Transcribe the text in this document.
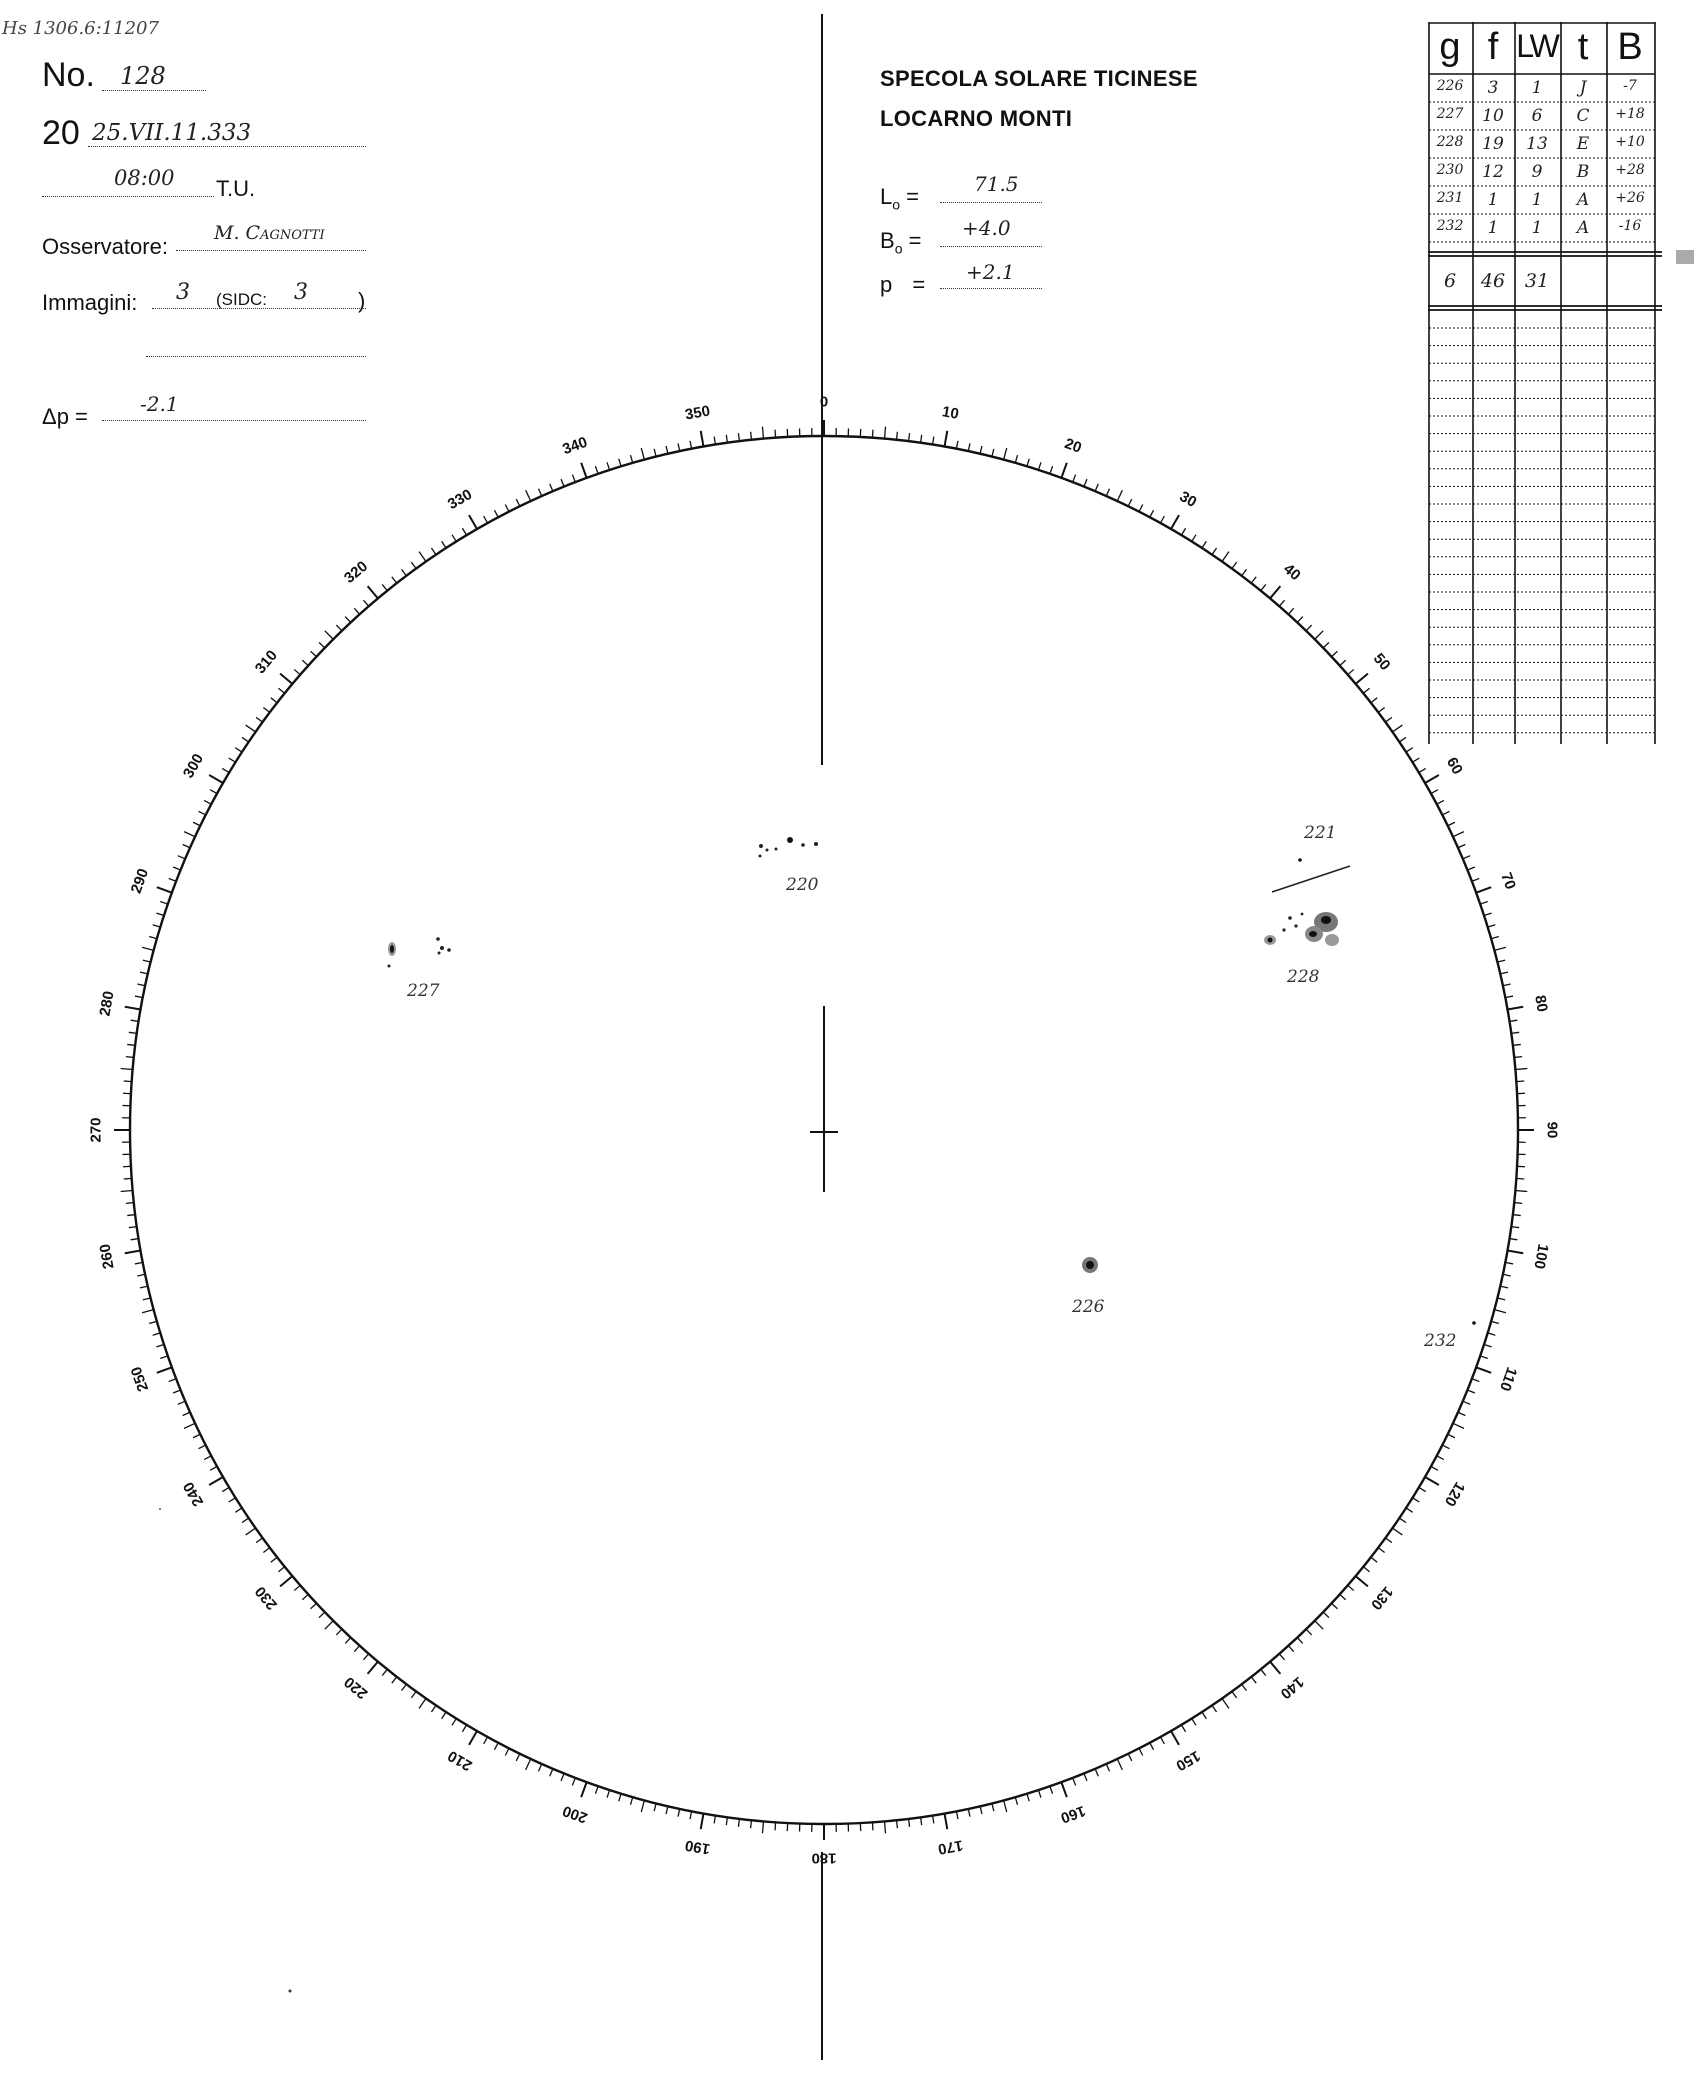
Hs 1306.6:11207
No. 128
20 25.VII.11.333
08:00 T.U.
Osservatore:
M. Cagnotti
Immagini: 3 (SIDC: 3 )
Δp =	-2.1
SPECOLA SOLARE TICINESE
LOCARNO MONTI
$L_o$ =	71.5
$B_o = +4.0$
p = +2.1
g f LW t B
226	3	1	J	-7
227	10	6	C	+18
228	19	13	E	+10
230	12	9	B	+28
231	1	1	A	+26
232	1	1	A	-16
6	46	31
0
10
20
30
40
50
60
70
80
90
100
110
120
130
140
150
160
170
180
190
200
210
220
230
240
250
260
270
280
290
300
310
320
330
340
350
220
221
228
227
226
232
